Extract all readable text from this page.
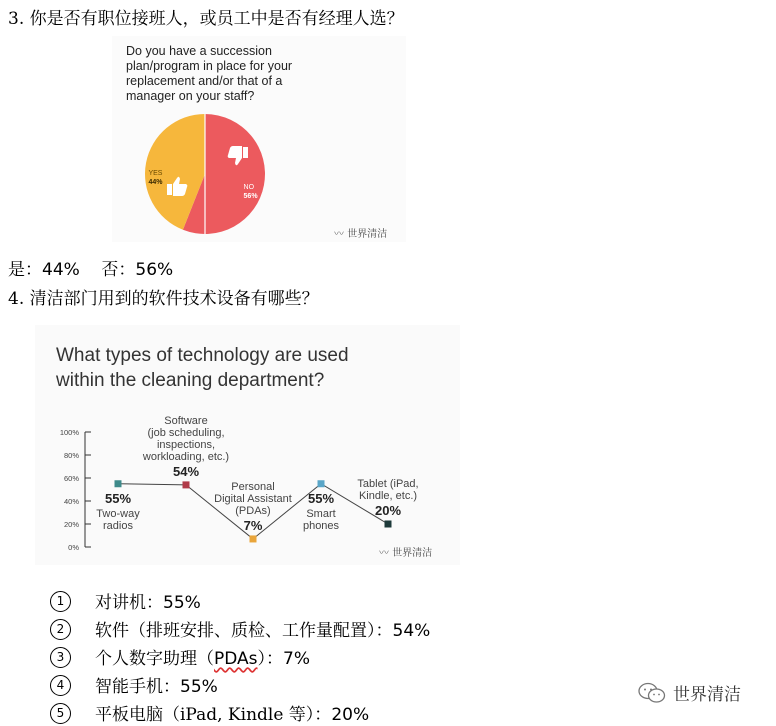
3. 你是否有职位接班人，或员工中是否有经理人选？
Do you have a succession plan/program in place for your replacement and/or that of a manager on your staff?
NO
56%
YES
44%
〰 世界清洁
是：44%    否：56%
4. 清洁部门用到的软件技术设备有哪些？
What types of technology are used within the cleaning department?
0%
20%
40%
60%
80%
100%
55%
Two-way
radios
54%
Software
(job scheduling,
inspections,
workloading, etc.)
7%
Personal
Digital Assistant
(PDAs)
55%
Smart
phones
20%
Tablet (iPad,
Kindle, etc.)
〰 世界清洁
1 对讲机：55%
2 软件（排班安排、质检、工作量配置）：54%
3 个人数字助理（PDAs）：7%
4 智能手机：55%
5 平板电脑（iPad, Kindle 等）：20%
世界清洁
